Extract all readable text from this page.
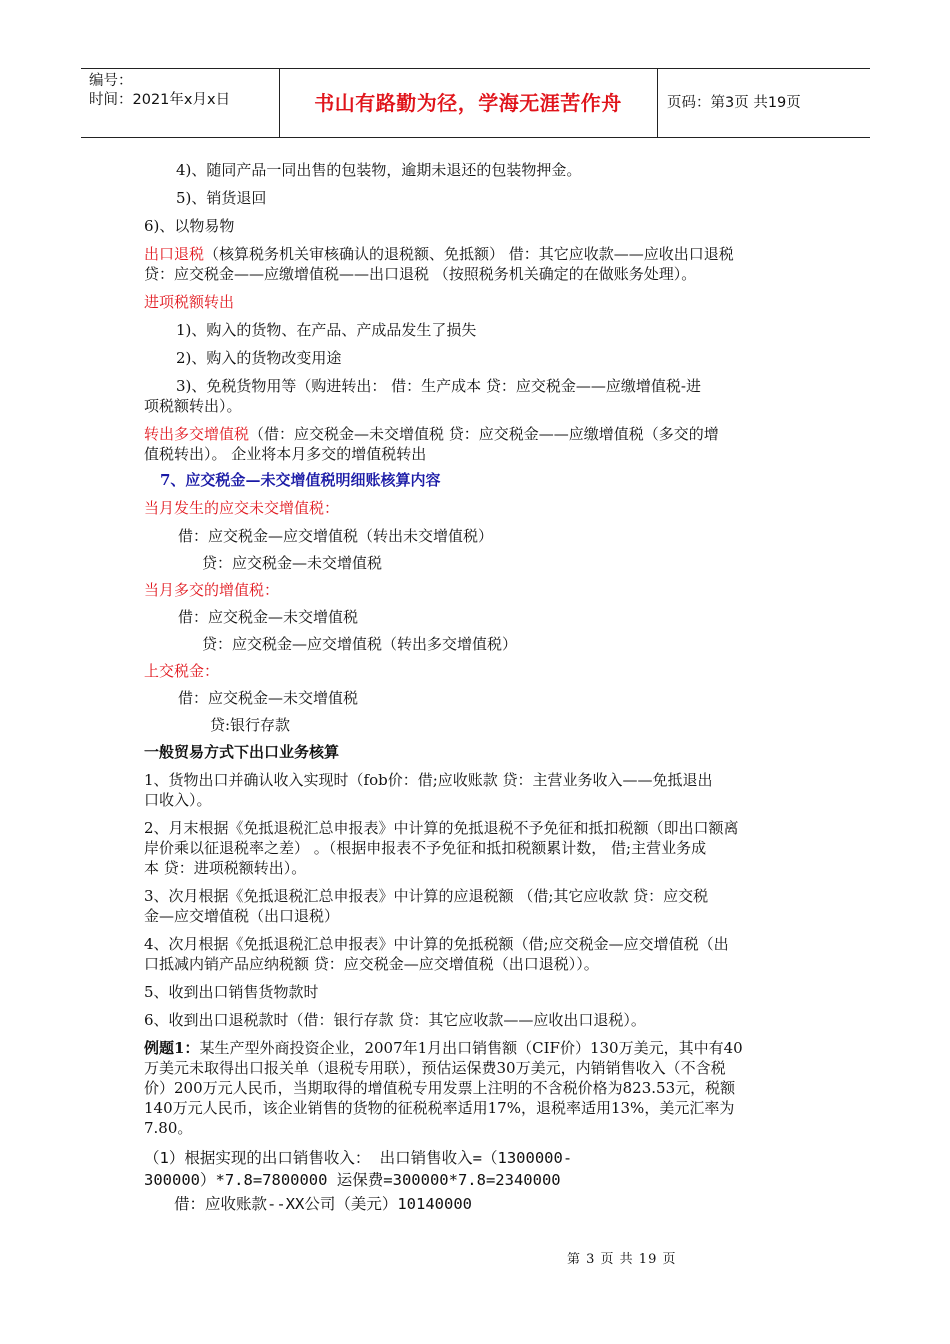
编号：
时间：2021年x月x日	书山有路勤为径，学海无涯苦作舟	页码：第3页 共19页
4)、随同产品一同出售的包装物，逾期未退还的包装物押金。
5)、销货退回
6)、以物易物
出口退税（核算税务机关审核确认的退税额、免抵额） 借：其它应收款——应收出口退税
贷：应交税金——应缴增值税——出口退税 （按照税务机关确定的在做账务处理）。
进项税额转出
1)、购入的货物、在产品、产成品发生了损失
2)、购入的货物改变用途
3)、免税货物用等（购进转出： 借：生产成本 贷：应交税金——应缴增值税-进
项税额转出）。
转出多交增值税（借：应交税金—未交增值税 贷：应交税金——应缴增值税（多交的增
值税转出）。 企业将本月多交的增值税转出
7、应交税金—未交增值税明细账核算内容
当月发生的应交未交增值税：
借：应交税金—应交增值税（转出未交增值税）
贷：应交税金—未交增值税
当月多交的增值税：
借：应交税金—未交增值税
贷：应交税金—应交增值税（转出多交增值税）
上交税金：
借：应交税金—未交增值税
贷:银行存款
一般贸易方式下出口业务核算
1、货物出口并确认收入实现时（fob价：借;应收账款 贷：主营业务收入——免抵退出
口收入）。
2、月末根据《免抵退税汇总申报表》中计算的免抵退税不予免征和抵扣税额（即出口额离
岸价乘以征退税率之差） 。（根据申报表不予免征和抵扣税额累计数， 借;主营业务成
本 贷：进项税额转出）。
3、次月根据《免抵退税汇总申报表》中计算的应退税额 （借;其它应收款 贷：应交税
金—应交增值税（出口退税）
4、次月根据《免抵退税汇总申报表》中计算的免抵税额（借;应交税金—应交增值税（出
口抵减内销产品应纳税额 贷：应交税金—应交增值税（出口退税））。
5、收到出口销售货物款时
6、收到出口退税款时（借：银行存款 贷：其它应收款——应收出口退税）。
例题1：某生产型外商投资企业，2007年1月出口销售额（CIF价）130万美元，其中有40
万美元未取得出口报关单（退税专用联），预估运保费30万美元，内销销售收入（不含税
价）200万元人民币，当期取得的增值税专用发票上注明的不含税价格为823.53元，税额
140万元人民币，该企业销售的货物的征税税率适用17%，退税率适用13%，美元汇率为
7.80。
（1）根据实现的出口销售收入： 出口销售收入=（1300000-
300000）*7.8=7800000 运保费=300000*7.8=2340000
借：应收账款--XX公司（美元）10140000
第 3 页 共 19 页
